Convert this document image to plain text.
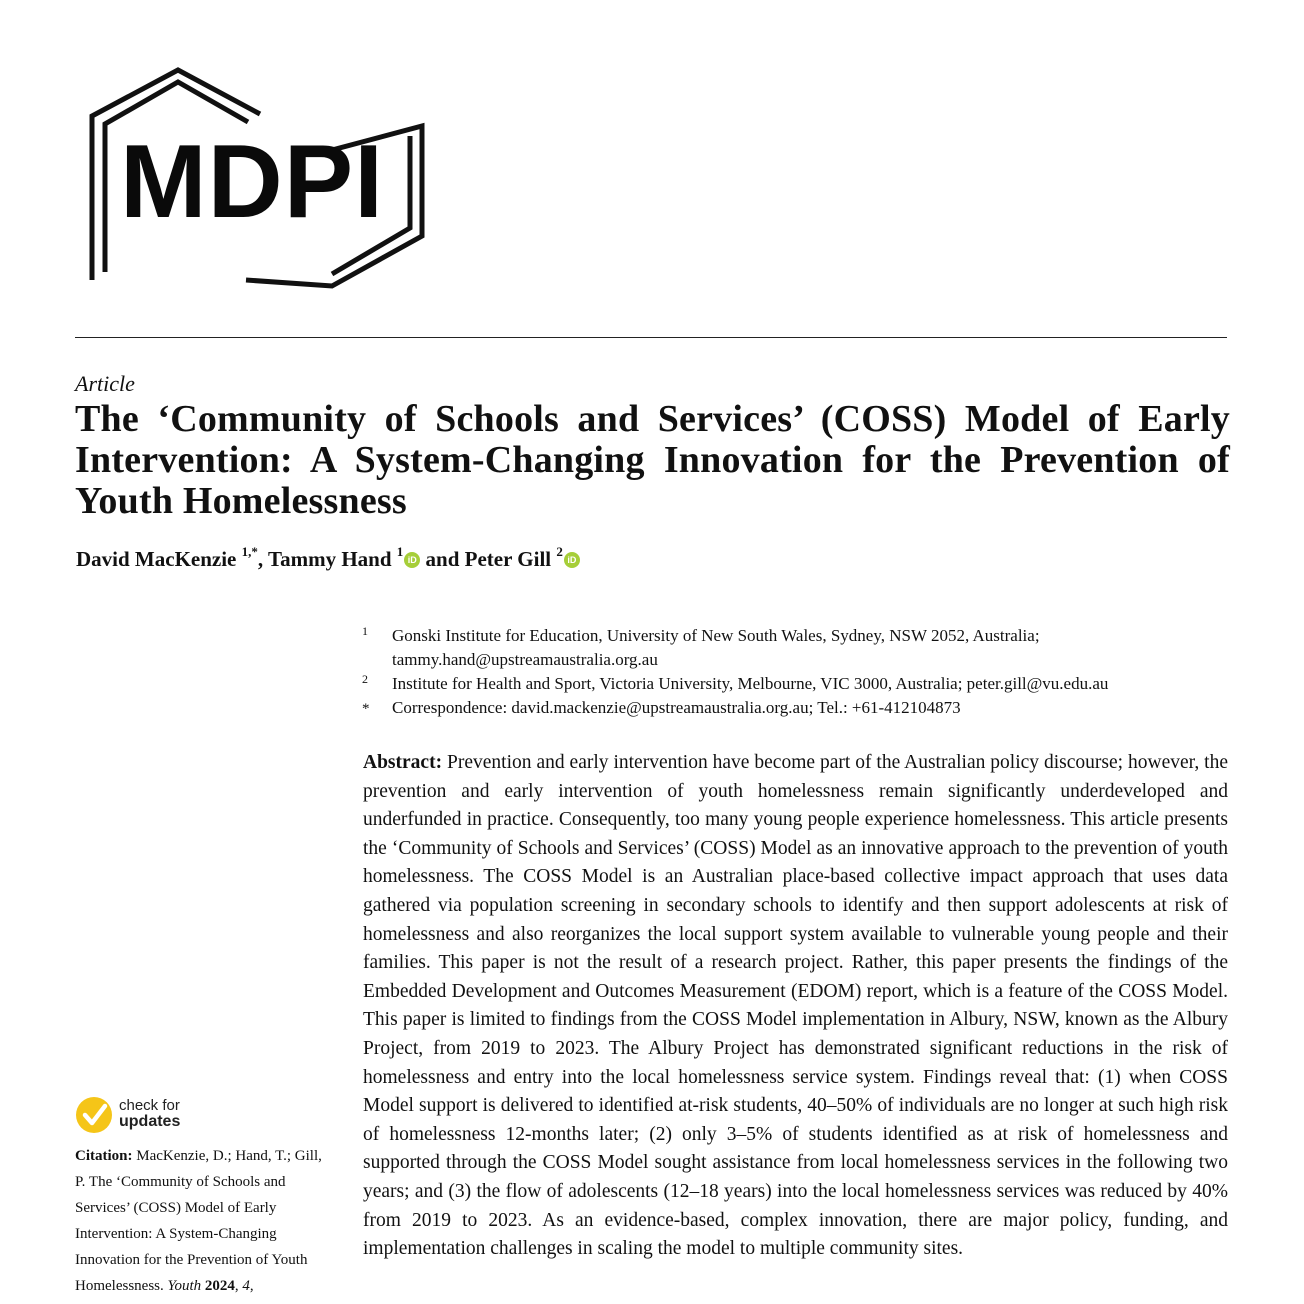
MDPI
Article
The ‘Community of Schools and Services’ (COSS) Model of Early Intervention: A System-Changing Innovation for the Prevention of Youth Homelessness
David MacKenzie $^{1,*}$, Tammy Hand $^1$iD and Peter Gill $^2$iD
1 Gonski Institute for Education, University of New South Wales, Sydney, NSW 2052, Australia;
tammy.hand@upstreamaustralia.org.au
2 Institute for Health and Sport, Victoria University, Melbourne, VIC 3000, Australia; peter.gill@vu.edu.au
* Correspondence: david.mackenzie@upstreamaustralia.org.au; Tel.: +61-412104873

Abstract: Prevention and early intervention have become part of the Australian policy discourse; however, the prevention and early intervention of youth homelessness remain significantly underdeveloped and underfunded in practice. Consequently, too many young people experience homelessness. This article presents the ‘Community of Schools and Services’ (COSS) Model as an innovative approach to the prevention of youth homelessness. The COSS Model is an Australian place-based collective impact approach that uses data gathered via population screening in secondary schools to identify and then support adolescents at risk of homelessness and also reorganizes the local support system available to vulnerable young people and their families. This paper is not the result of a research project. Rather, this paper presents the findings of the Embedded Development and Outcomes Measurement (EDOM) report, which is a feature of the COSS Model. This paper is limited to findings from the COSS Model implementation in Albury, NSW, known as the Albury Project, from 2019 to 2023. The Albury Project has demonstrated significant reductions in the risk of homelessness and entry into the local homelessness service system. Findings reveal that: (1) when COSS Model support is delivered to identified at-risk students, 40–50% of individuals are no longer at such high risk of homelessness 12-months later; (2) only 3–5% of students identified as at risk of homelessness and supported through the COSS Model sought assistance from local homelessness services in the following two years; and (3) the flow of adolescents (12–18 years) into the local homelessness services was reduced by 40% from 2019 to 2023. As an evidence-based, complex innovation, there are major policy, funding, and implementation challenges in scaling the model to multiple community sites.

check for
updates

Citation: MacKenzie, D.; Hand, T.; Gill, P. The ‘Community of Schools and Services’ (COSS) Model of Early Intervention: A System-Changing Innovation for the Prevention of Youth Homelessness. Youth 2024, 4,
